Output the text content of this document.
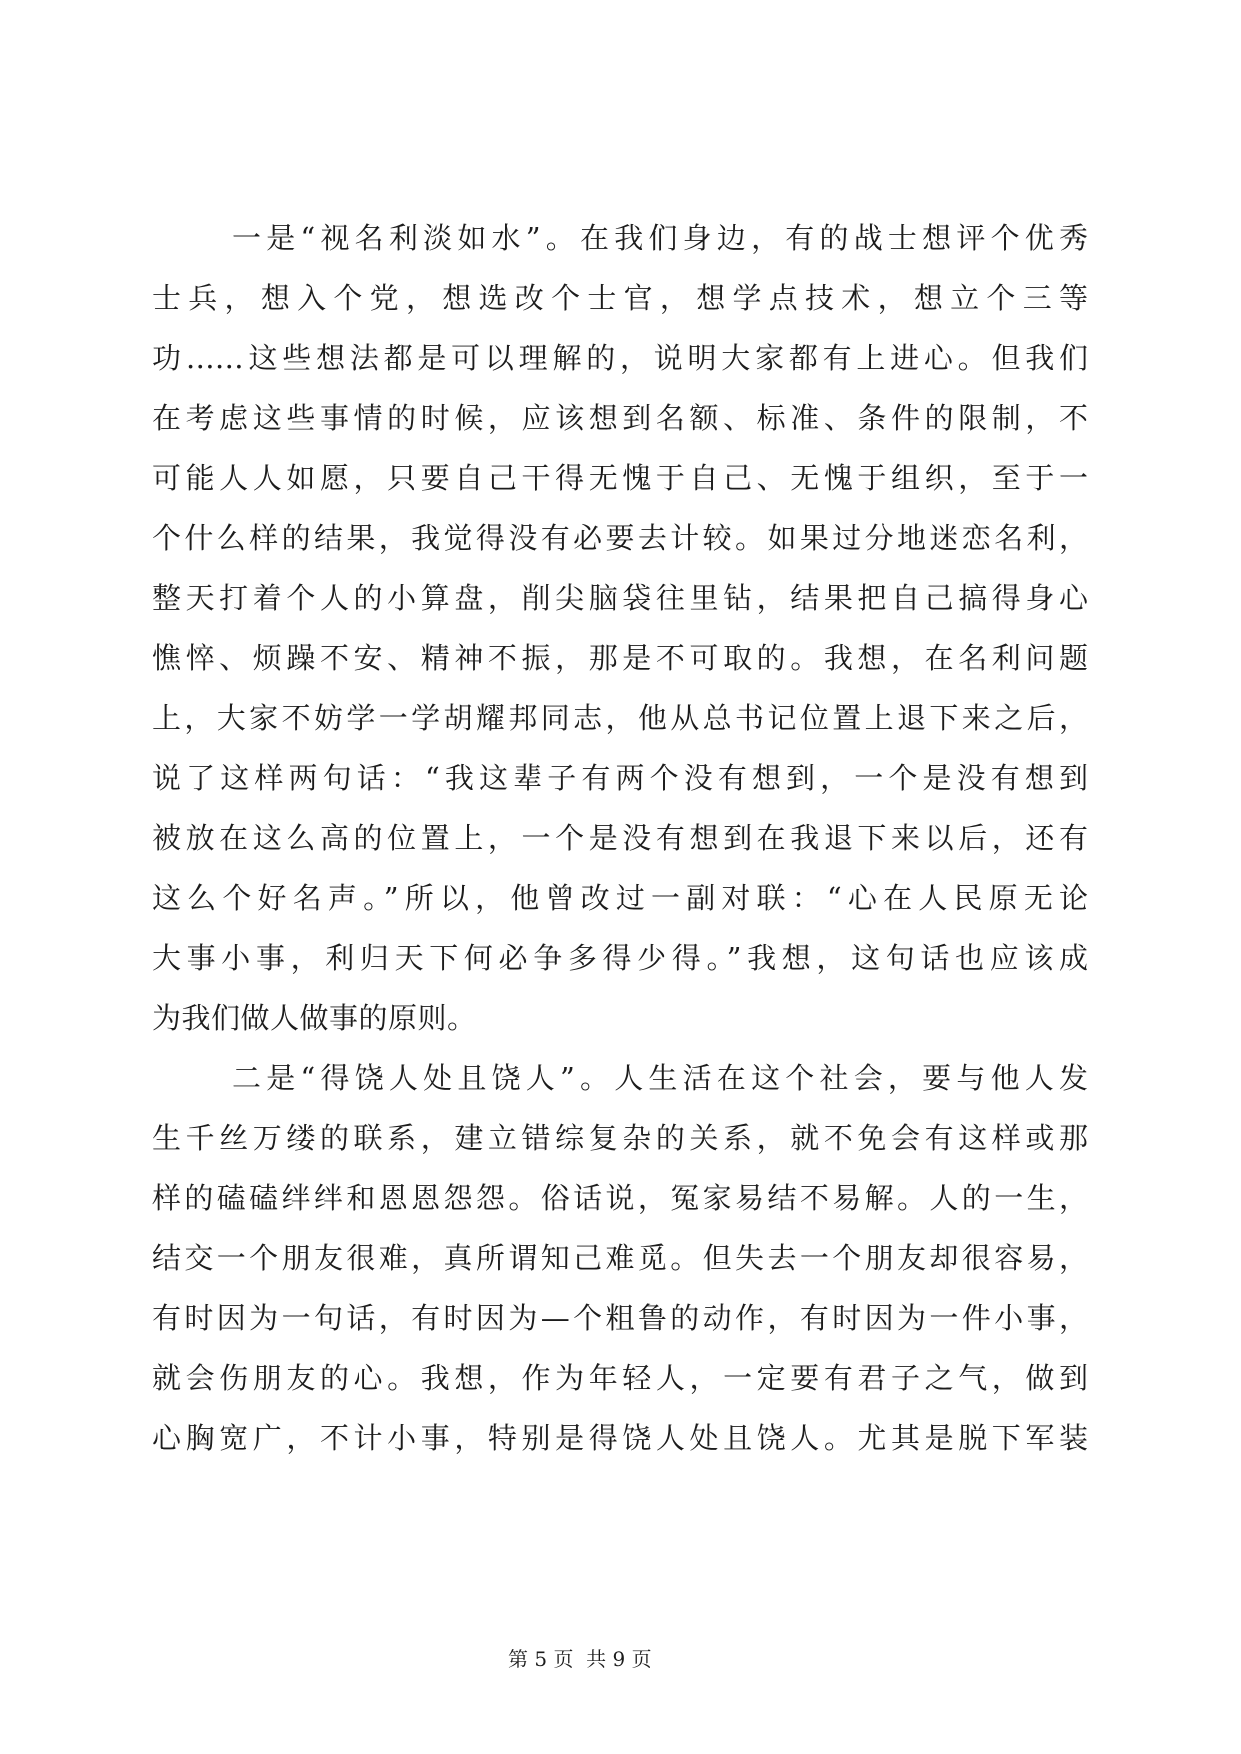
一是“视名利淡如水”。在我们身边，有的战士想评个优秀
士兵，想入个党，想选改个士官，想学点技术，想立个三等
功……这些想法都是可以理解的，说明大家都有上进心。但我们
在考虑这些事情的时候，应该想到名额、标准、条件的限制，不
可能人人如愿，只要自己干得无愧于自己、无愧于组织，至于一
个什么样的结果，我觉得没有必要去计较。如果过分地迷恋名利，
整天打着个人的小算盘，削尖脑袋往里钻，结果把自己搞得身心
憔悴、烦躁不安、精神不振，那是不可取的。我想，在名利问题
上，大家不妨学一学胡耀邦同志，他从总书记位置上退下来之后，
说了这样两句话：“我这辈子有两个没有想到，一个是没有想到
被放在这么高的位置上，一个是没有想到在我退下来以后，还有
这么个好名声。”所以，他曾改过一副对联：“心在人民原无论
大事小事，利归天下何必争多得少得。”我想，这句话也应该成
为我们做人做事的原则。
二是“得饶人处且饶人”。人生活在这个社会，要与他人发
生千丝万缕的联系，建立错综复杂的关系，就不免会有这样或那
样的磕磕绊绊和恩恩怨怨。俗话说，冤家易结不易解。人的一生，
结交一个朋友很难，真所谓知己难觅。但失去一个朋友却很容易，
有时因为一句话，有时因为—个粗鲁的动作，有时因为一件小事，
就会伤朋友的心。我想，作为年轻人，一定要有君子之气，做到
心胸宽广，不计小事，特别是得饶人处且饶人。尤其是脱下军装
第 5 页  共 9 页
